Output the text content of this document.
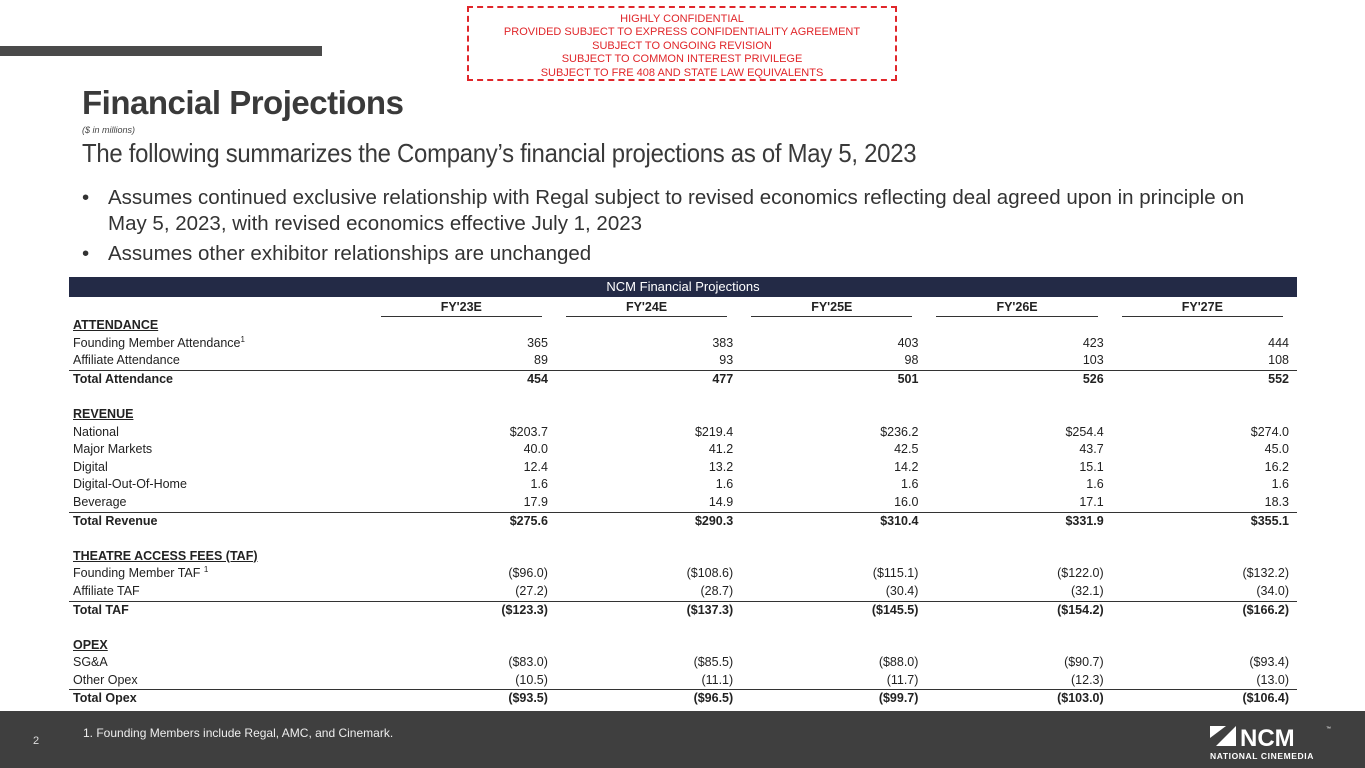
HIGHLY CONFIDENTIAL
PROVIDED SUBJECT TO EXPRESS CONFIDENTIALITY AGREEMENT
SUBJECT TO ONGOING REVISION
SUBJECT TO COMMON INTEREST PRIVILEGE
SUBJECT TO FRE 408 AND STATE LAW EQUIVALENTS
Financial Projections
($ in millions)
The following summarizes the Company’s financial projections as of May 5, 2023
• Assumes continued exclusive relationship with Regal subject to revised economics reflecting deal agreed upon in principle on May 5, 2023, with revised economics effective July 1, 2023
• Assumes other exhibitor relationships are unchanged
NCM Financial Projections

	FY'23E	FY'24E	FY'25E	FY'26E	FY'27E

ATTENDANCE					
Founding Member Attendance$^1$	365	383	403	423	444
Affiliate Attendance	89	93	98	103	108
Total Attendance	454	477	501	526	552

REVENUE					
National	$203.7	$219.4	$236.2	$254.4	$274.0
Major Markets	40.0	41.2	42.5	43.7	45.0
Digital	12.4	13.2	14.2	15.1	16.2
Digital-Out-Of-Home	1.6	1.6	1.6	1.6	1.6
Beverage	17.9	14.9	16.0	17.1	18.3
Total Revenue	$275.6	$290.3	$310.4	$331.9	$355.1

THEATRE ACCESS FEES (TAF)					
Founding Member TAF $^1$	($96.0)	($108.6)	($115.1)	($122.0)	($132.2)
Affiliate TAF	(27.2)	(28.7)	(30.4)	(32.1)	(34.0)
Total TAF	($123.3)	($137.3)	($145.5)	($154.2)	($166.2)

OPEX					
SG&A	($83.0)	($85.5)	($88.0)	($90.7)	($93.4)
Other Opex	(10.5)	(11.1)	(11.7)	(12.3)	(13.0)
Total Opex	($93.5)	($96.5)	($99.7)	($103.0)	($106.4)
2
1. Founding Members include Regal, AMC, and Cinemark.	NCM	™
NATIONAL CINEMEDIA
